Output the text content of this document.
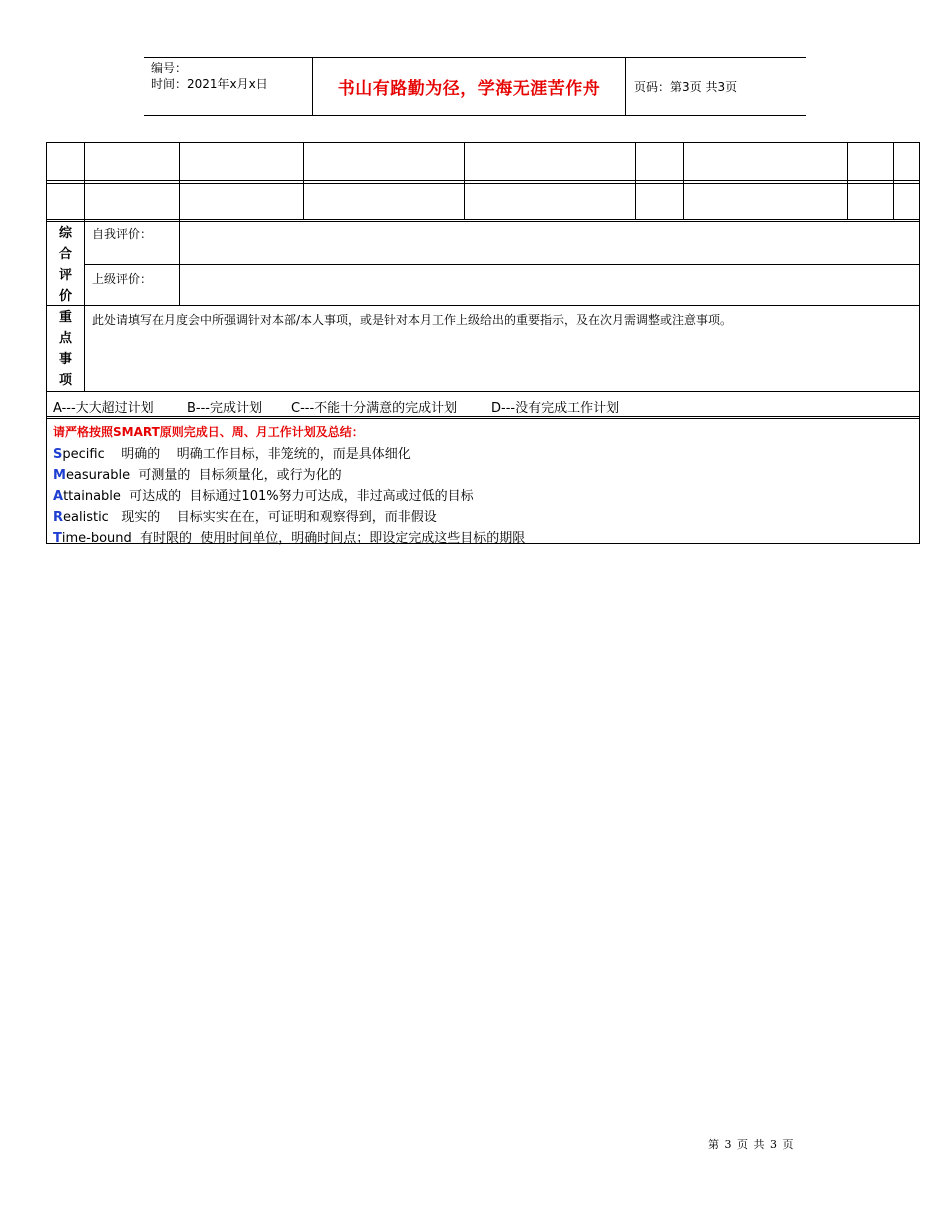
编号：
时间：2021年x月x日	书山有路勤为径，学海无涯苦作舟	页码：第3页 共3页
综
合
评
价
自我评价：
上级评价：
重
点
事
项
此处请填写在月度会中所强调针对本部/本人事项，或是针对本月工作上级给出的重要指示，及在次月需调整或注意事项。
A---大大超过计划	B---完成计划 C---不能十分满意的完成计划	D---没有完成工作计划
请严格按照SMART原则完成日、周、月工作计划及总结：
Specific    明确的    明确工作目标，非笼统的，而是具体细化
Measurable  可测量的  目标须量化，或行为化的
Attainable  可达成的  目标通过101%努力可达成，非过高或过低的目标
Realistic   现实的    目标实实在在，可证明和观察得到，而非假设
Time-bound  有时限的  使用时间单位，明确时间点；即设定完成这些目标的期限
第 3 页 共 3 页
